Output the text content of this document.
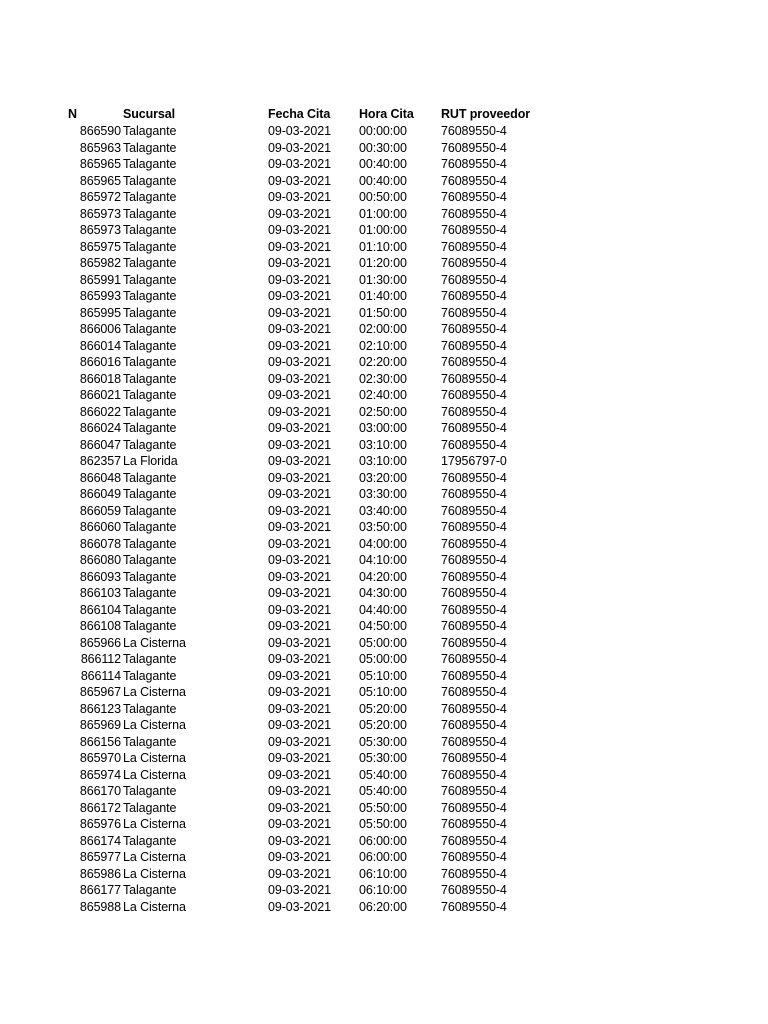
N	Sucursal	Fecha Cita	Hora Cita	RUT proveedor
866590	Talagante	09-03-2021	00:00:00	76089550-4
865963	Talagante	09-03-2021	00:30:00	76089550-4
865965	Talagante	09-03-2021	00:40:00	76089550-4
865965	Talagante	09-03-2021	00:40:00	76089550-4
865972	Talagante	09-03-2021	00:50:00	76089550-4
865973	Talagante	09-03-2021	01:00:00	76089550-4
865973	Talagante	09-03-2021	01:00:00	76089550-4
865975	Talagante	09-03-2021	01:10:00	76089550-4
865982	Talagante	09-03-2021	01:20:00	76089550-4
865991	Talagante	09-03-2021	01:30:00	76089550-4
865993	Talagante	09-03-2021	01:40:00	76089550-4
865995	Talagante	09-03-2021	01:50:00	76089550-4
866006	Talagante	09-03-2021	02:00:00	76089550-4
866014	Talagante	09-03-2021	02:10:00	76089550-4
866016	Talagante	09-03-2021	02:20:00	76089550-4
866018	Talagante	09-03-2021	02:30:00	76089550-4
866021	Talagante	09-03-2021	02:40:00	76089550-4
866022	Talagante	09-03-2021	02:50:00	76089550-4
866024	Talagante	09-03-2021	03:00:00	76089550-4
866047	Talagante	09-03-2021	03:10:00	76089550-4
862357	La Florida	09-03-2021	03:10:00	17956797-0
866048	Talagante	09-03-2021	03:20:00	76089550-4
866049	Talagante	09-03-2021	03:30:00	76089550-4
866059	Talagante	09-03-2021	03:40:00	76089550-4
866060	Talagante	09-03-2021	03:50:00	76089550-4
866078	Talagante	09-03-2021	04:00:00	76089550-4
866080	Talagante	09-03-2021	04:10:00	76089550-4
866093	Talagante	09-03-2021	04:20:00	76089550-4
866103	Talagante	09-03-2021	04:30:00	76089550-4
866104	Talagante	09-03-2021	04:40:00	76089550-4
866108	Talagante	09-03-2021	04:50:00	76089550-4
865966	La Cisterna	09-03-2021	05:00:00	76089550-4
866112	Talagante	09-03-2021	05:00:00	76089550-4
866114	Talagante	09-03-2021	05:10:00	76089550-4
865967	La Cisterna	09-03-2021	05:10:00	76089550-4
866123	Talagante	09-03-2021	05:20:00	76089550-4
865969	La Cisterna	09-03-2021	05:20:00	76089550-4
866156	Talagante	09-03-2021	05:30:00	76089550-4
865970	La Cisterna	09-03-2021	05:30:00	76089550-4
865974	La Cisterna	09-03-2021	05:40:00	76089550-4
866170	Talagante	09-03-2021	05:40:00	76089550-4
866172	Talagante	09-03-2021	05:50:00	76089550-4
865976	La Cisterna	09-03-2021	05:50:00	76089550-4
866174	Talagante	09-03-2021	06:00:00	76089550-4
865977	La Cisterna	09-03-2021	06:00:00	76089550-4
865986	La Cisterna	09-03-2021	06:10:00	76089550-4
866177	Talagante	09-03-2021	06:10:00	76089550-4
865988	La Cisterna	09-03-2021	06:20:00	76089550-4
